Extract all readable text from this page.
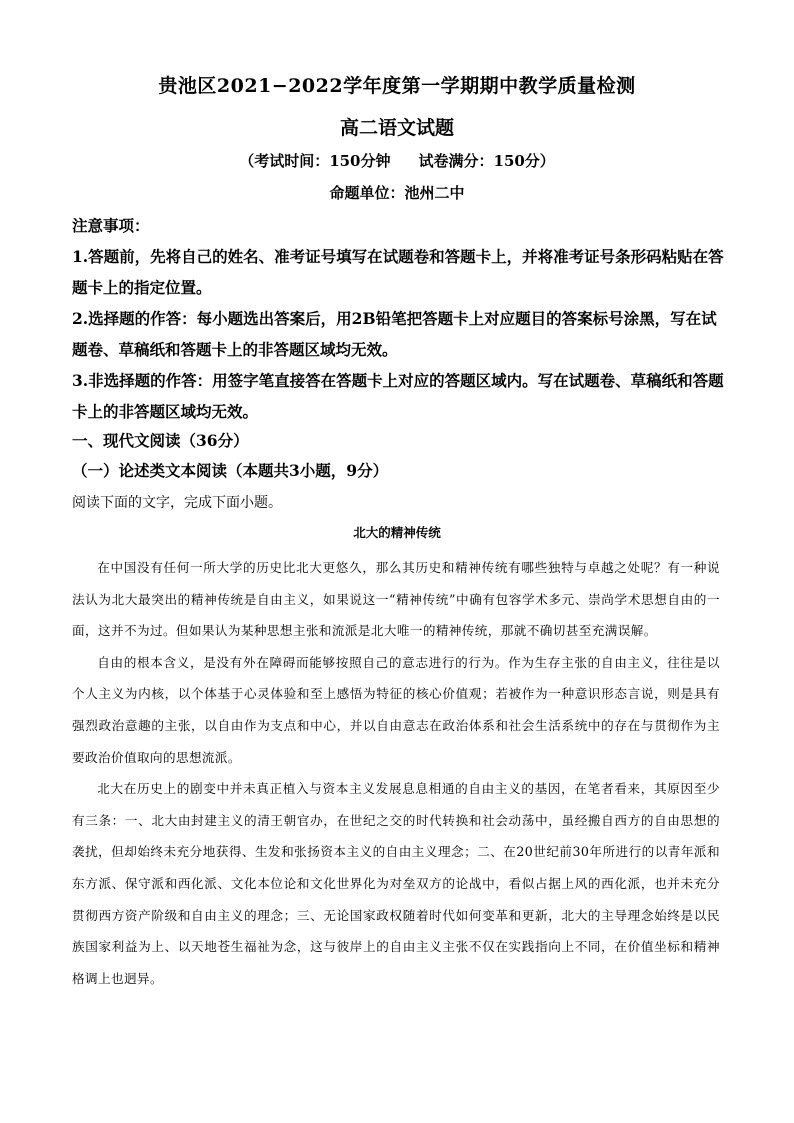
贵池区2021−2022学年度第一学期期中教学质量检测
高二语文试题
（考试时间：150分钟 试卷满分：150分）
命题单位：池州二中

注意事项：

1.答题前，先将自己的姓名、准考证号填写在试题卷和答题卡上，并将准考证号条形码粘贴在答题卡上的指定位置。

2.选择题的作答：每小题选出答案后，用2B铅笔把答题卡上对应题目的答案标号涂黑，写在试题卷、草稿纸和答题卡上的非答题区域均无效。

3.非选择题的作答：用签字笔直接答在答题卡上对应的答题区域内。写在试题卷、草稿纸和答题卡上的非答题区域均无效。

一、现代文阅读（36分）
（一）论述类文本阅读（本题共3小题，9分）
阅读下面的文字，完成下面小题。
北大的精神传统

在中国没有任何一所大学的历史比北大更悠久，那么其历史和精神传统有哪些独特与卓越之处呢？有一种说法认为北大最突出的精神传统是自由主义，如果说这一“精神传统”中确有包容学术多元、崇尚学术思想自由的一面，这并不为过。但如果认为某种思想主张和流派是北大唯一的精神传统，那就不确切甚至充满误解。

自由的根本含义，是没有外在障碍而能够按照自己的意志进行的行为。作为生存主张的自由主义，往往是以个人主义为内核，以个体基于心灵体验和至上感悟为特征的核心价值观；若被作为一种意识形态言说，则是具有强烈政治意趣的主张，以自由作为支点和中心，并以自由意志在政治体系和社会生活系统中的存在与贯彻作为主要政治价值取向的思想流派。

北大在历史上的剧变中并未真正植入与资本主义发展息息相通的自由主义的基因，在笔者看来，其原因至少有三条：一、北大由封建主义的清王朝官办，在世纪之交的时代转换和社会动荡中，虽经搬自西方的自由思想的袭扰，但却始终未充分地获得、生发和张扬资本主义的自由主义理念；二、在20世纪前30年所进行的以青年派和东方派、保守派和西化派、文化本位论和文化世界化为对垒双方的论战中，看似占据上风的西化派，也并未充分贯彻西方资产阶级和自由主义的理念；三、无论国家政权随着时代如何变革和更新，北大的主导理念始终是以民族国家利益为上、以天地苍生福祉为念，这与彼岸上的自由主义主张不仅在实践指向上不同，在价值坐标和精神格调上也迥异。
